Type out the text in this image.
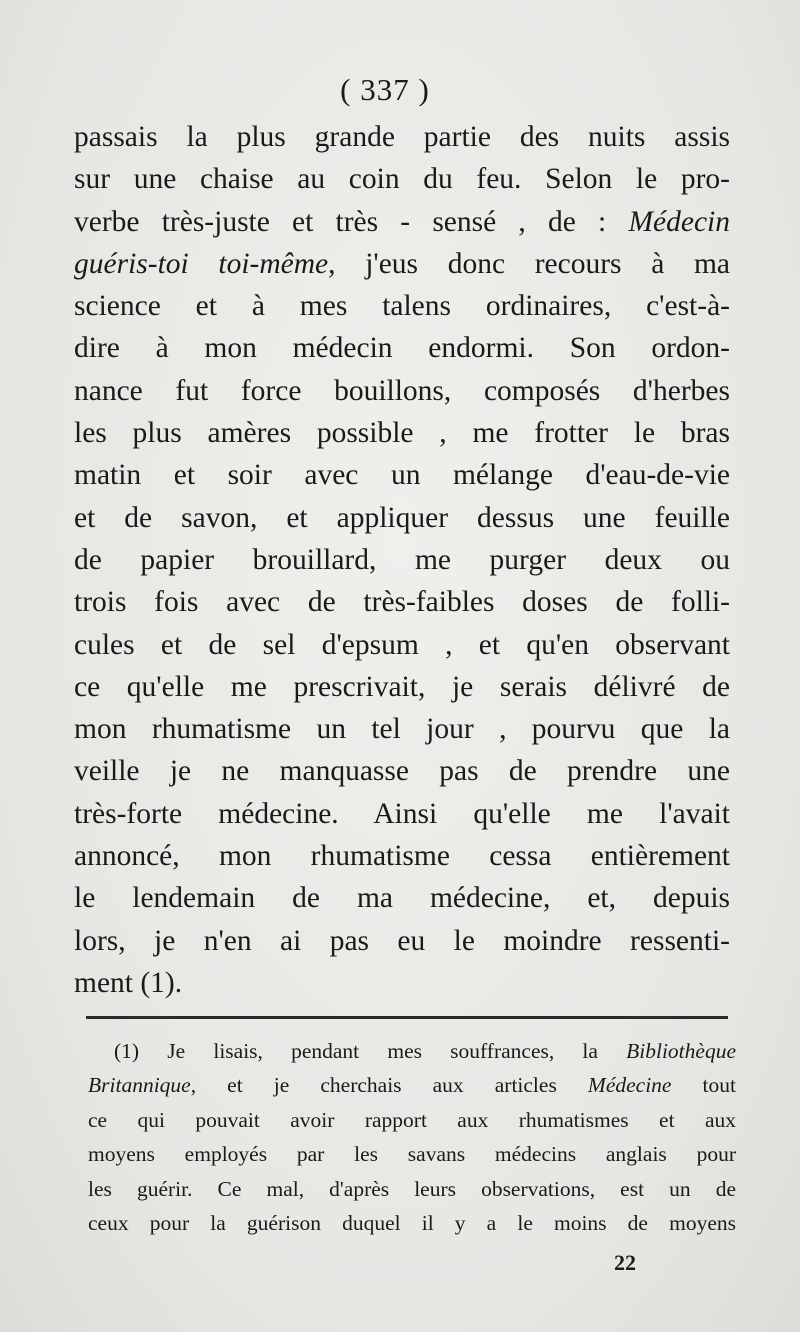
( 337 )
passais la plus grande partie des nuits assis
sur une chaise au coin du feu. Selon le pro-
verbe très-juste et très - sensé , de : Médecin
guéris-toi toi-même, j'eus donc recours à ma
science et à mes talens ordinaires, c'est-à-
dire à mon médecin endormi. Son ordon-
nance fut force bouillons, composés d'herbes
les plus amères possible , me frotter le bras
matin et soir avec un mélange d'eau-de-vie
et de savon, et appliquer dessus une feuille
de papier brouillard, me purger deux ou
trois fois avec de très-faibles doses de folli-
cules et de sel d'epsum , et qu'en observant
ce qu'elle me prescrivait, je serais délivré de
mon rhumatisme un tel jour , pourvu que la
veille je ne manquasse pas de prendre une
très-forte médecine. Ainsi qu'elle me l'avait
annoncé, mon rhumatisme cessa entièrement
le lendemain de ma médecine, et, depuis
lors, je n'en ai pas eu le moindre ressenti-
ment (1).
(1) Je lisais, pendant mes souffrances, la Bibliothèque
Britannique, et je cherchais aux articles Médecine tout
ce qui pouvait avoir rapport aux rhumatismes et aux
moyens employés par les savans médecins anglais pour
les guérir. Ce mal, d'après leurs observations, est un de
ceux pour la guérison duquel il y a le moins de moyens
22
